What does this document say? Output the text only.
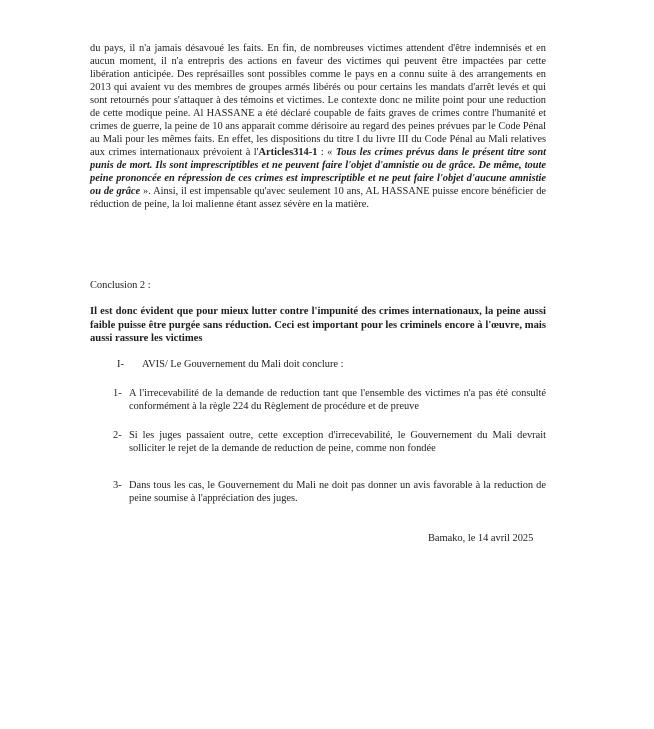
du pays, il n'a jamais désavoué les faits. En fin, de nombreuses victimes attendent d'être indemnisés et en aucun moment, il n'a entrepris des actions en faveur des victimes qui peuvent être impactées par cette libération anticipée. Des représailles sont possibles comme le pays en a connu suite à des arrangements en 2013 qui avaient vu des membres de groupes armés libérés ou pour certains les mandats d'arrêt levés et qui sont retournés pour s'attaquer à des témoins et victimes. Le contexte donc ne milite point pour une reduction de cette modique peine. Al HASSANE a été déclaré coupable de faits graves de crimes contre l'humanité et crimes de guerre, la peine de 10 ans apparait comme dérisoire au regard des peines prévues par le Code Pénal au Mali pour les mêmes faits. En effet, les dispositions du titre I du livre III du Code Pénal au Mali relatives aux crimes internationaux prévoient à l'Articles314-1 : « Tous les crimes prévus dans le présent titre sont punis de mort. Ils sont imprescriptibles et ne peuvent faire l'objet d'amnistie ou de grâce. De même, toute peine prononcée en répression de ces crimes est imprescriptible et ne peut faire l'objet d'aucune amnistie ou de grâce ». Ainsi, il est impensable qu'avec seulement 10 ans, AL HASSANE puisse encore bénéficier de réduction de peine, la loi malienne étant assez sévère en la matière.
Conclusion 2 :
Il est donc évident que pour mieux lutter contre l'impunité des crimes internationaux, la peine aussi faible puisse être purgée sans réduction. Ceci est important pour les criminels encore à l'œuvre, mais aussi rassure les victimes
I-	AVIS/ Le Gouvernement du Mali doit conclure :
1- A l'irrecevabilité de la demande de reduction tant que l'ensemble des victimes n'a pas été consulté conformément à la règle 224 du Règlement de procédure et de preuve
2- Si les juges passaient outre, cette exception d'irrecevabilité, le Gouvernement du Mali devrait solliciter le rejet de la demande de reduction de peine, comme non fondée
3- Dans tous les cas, le Gouvernement du Mali ne doit pas donner un avis favorable à la reduction de peine soumise à l'appréciation des juges.
Bamako, le 14 avril 2025
